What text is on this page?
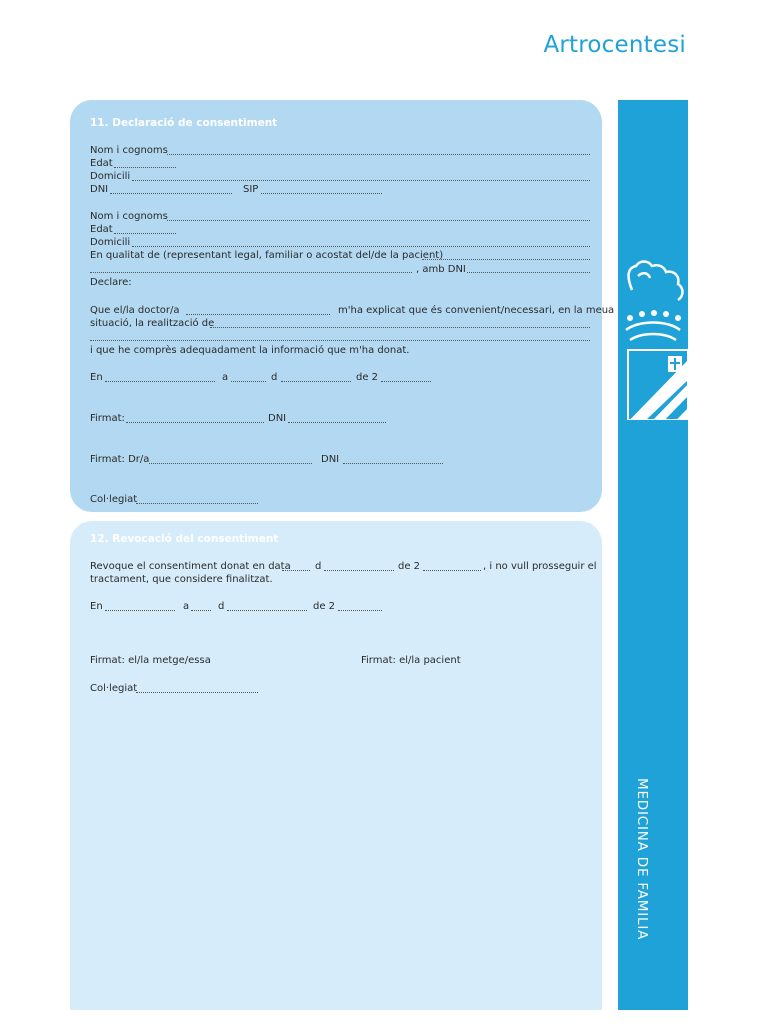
Artrocentesi
MEDICINA DE FAMILIA
11. Declaració de consentiment
Nom i cognoms
Edat
Domicili
DNI	SIP
Nom i cognoms
Edat
Domicili
En qualitat de (representant legal, familiar o acostat del/de la pacient)
, amb DNI
Declare:
Que el/la doctor/a	m'ha explicat que és convenient/necessari, en la meua
situació, la realització de
i que he comprès adequadament la informació que m'ha donat.
En	a	d	de 2
Firmat:	DNI
Firmat: Dr/a	DNI
Col·legiat
12. Revocació del consentiment
Revoque el consentiment donat en data d	de 2	, i no vull prosseguir el
tractament, que considere finalitzat.
En	a	d	de 2
Firmat: el/la metge/essa	Firmat: el/la pacient
Col·legiat
